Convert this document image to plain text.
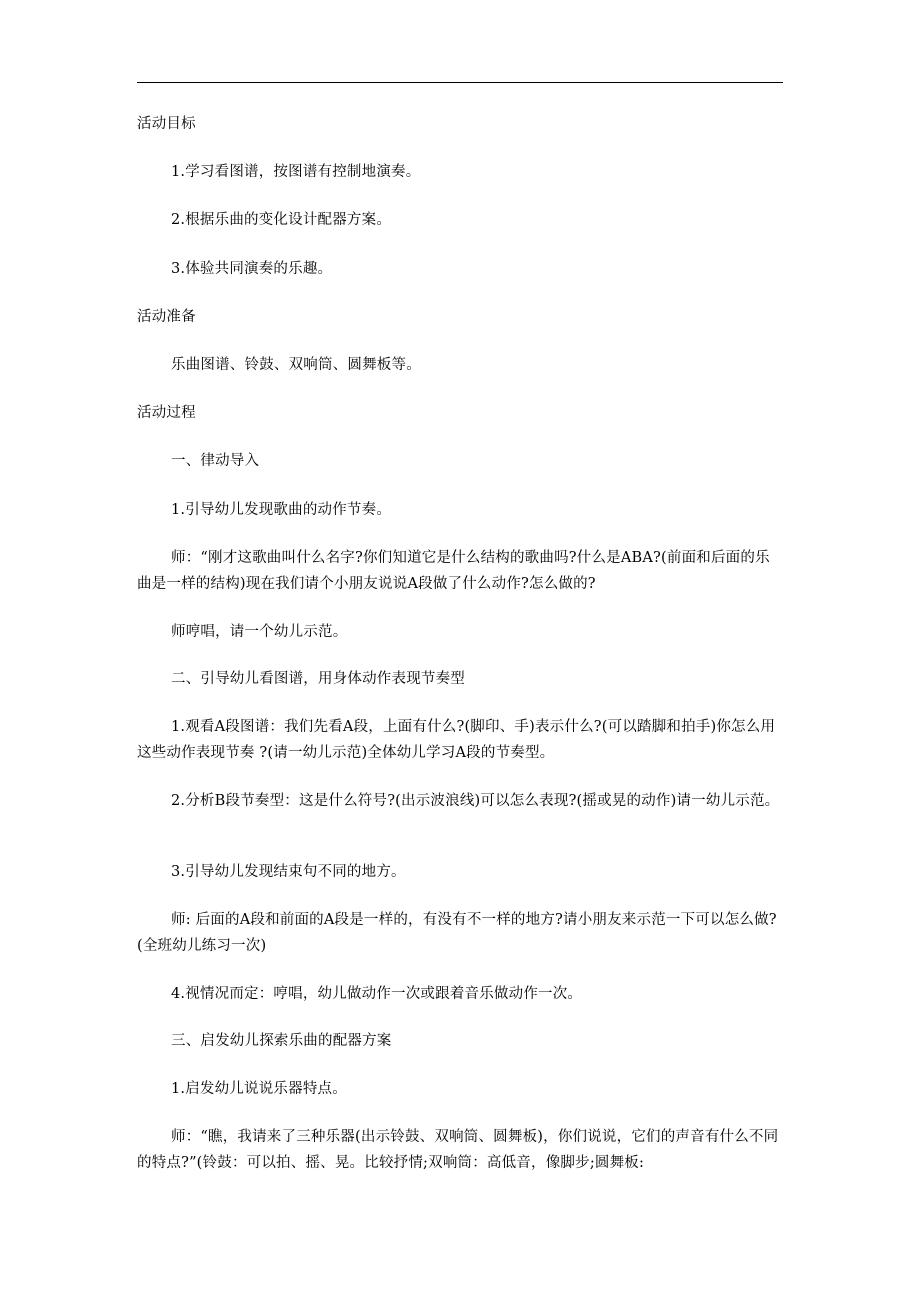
活动目标
1.学习看图谱，按图谱有控制地演奏。
2.根据乐曲的变化设计配器方案。
3.体验共同演奏的乐趣。
活动准备
乐曲图谱、铃鼓、双响筒、圆舞板等。
活动过程
一、律动导入
1.引导幼儿发现歌曲的动作节奏。
师：“刚才这歌曲叫什么名字?你们知道它是什么结构的歌曲吗?什么是ABA?(前面和后面的乐曲是一样的结构)现在我们请个小朋友说说A段做了什么动作?怎么做的?
师哼唱，请一个幼儿示范。
二、引导幼儿看图谱，用身体动作表现节奏型
1.观看A段图谱：我们先看A段，上面有什么?(脚印、手)表示什么?(可以踏脚和拍手)你怎么用这些动作表现节奏 ?(请一幼儿示范)全体幼儿学习A段的节奏型。
2.分析B段节奏型：这是什么符号?(出示波浪线)可以怎么表现?(摇或晃的动作)请一幼儿示范。
3.引导幼儿发现结束句不同的地方。
师: 后面的A段和前面的A段是一样的，有没有不一样的地方?请小朋友来示范一下可以怎么做?(全班幼儿练习一次)
4.视情况而定：哼唱，幼儿做动作一次或跟着音乐做动作一次。
三、启发幼儿探索乐曲的配器方案
1.启发幼儿说说乐器特点。
师：“瞧，我请来了三种乐器(出示铃鼓、双响筒、圆舞板)，你们说说，它们的声音有什么不同的特点?”(铃鼓：可以拍、摇、晃。比较抒情;双响筒：高低音，像脚步;圆舞板:
